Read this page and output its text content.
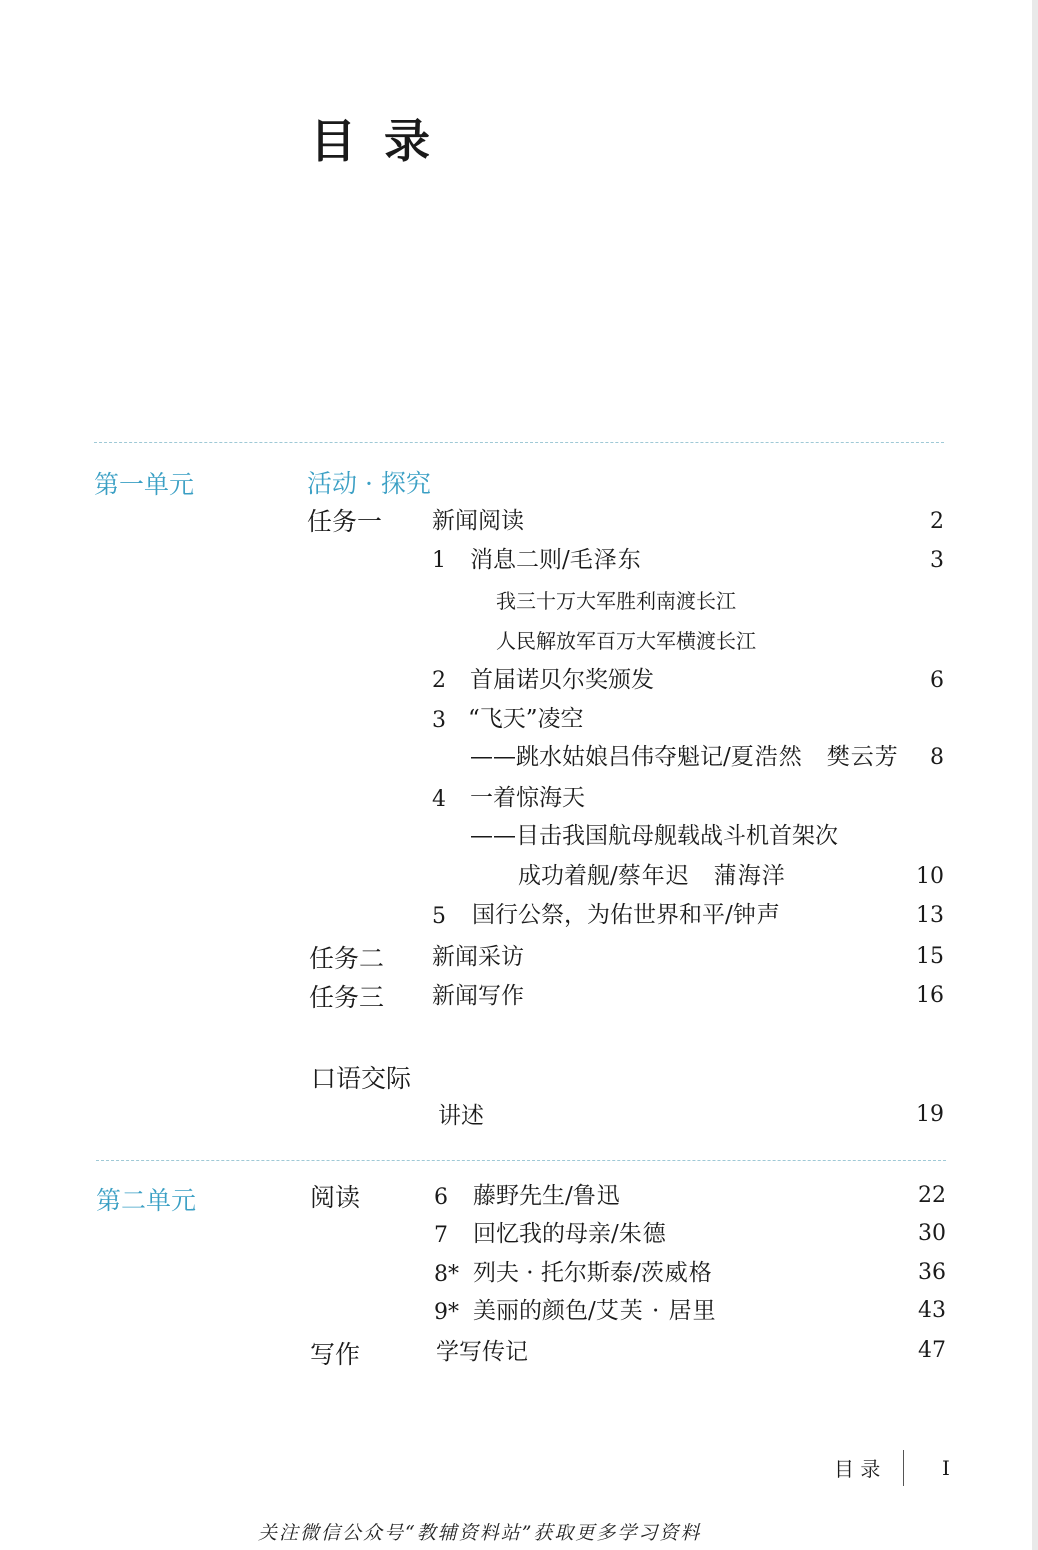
目 录
第一单元	活动 · 探究
任务一 新闻阅读	2
1 消息二则/毛泽东	3
我三十万大军胜利南渡长江
人民解放军百万大军横渡长江
2 首届诺贝尔奖颁发	6
3 “飞天”凌空
——跳水姑娘吕伟夺魁记/夏浩然　樊云芳	8
4 一着惊海天
——目击我国航母舰载战斗机首架次
成功着舰/蔡年迟　蒲海洋	10
5 国行公祭，为佑世界和平/钟声	13
任务二 新闻采访	15
任务三 新闻写作	16
口语交际
讲述	19
第二单元	阅读	6 藤野先生/鲁迅	22
7 回忆我的母亲/朱德	30
8* 列夫 · 托尔斯泰/茨威格	36
9* 美丽的颜色/艾芙 · 居里	43
写作	学写传记	47
目 录	I
关注微信公众号“教辅资料站”获取更多学习资料
